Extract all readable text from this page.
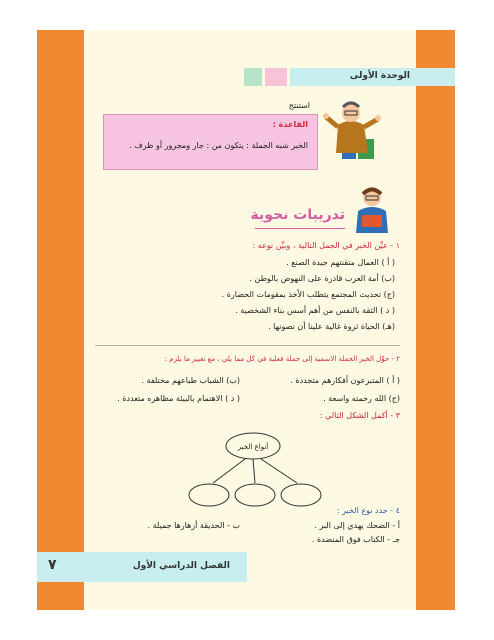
الوحدة الأولى
استنتج
القاعدة :
الخبر شبه الجملة : يتكون من : جار ومجرور أو ظرف .
تدريبات نحوية
١ - عيِّن الخبر في الجمل التالية ، وبيِّن نوعه :
( أ ) العمال متقنتهم جيدة الصنع .
(ب) أمة العرب قادرة على النهوض بالوطن .
(ج) تحديث المجتمع يتطلب الأخذ بمقومات الحضارة .
( د ) الثقة بالنفس من أهم أسس بناء الشخصية .
(هـ) الحياة ثروة غالية علينا أن نصونها .
٢ - حوِّل الخبر الجملة الاسمية إلى جملة فعلية في كل مما يلي ، مع تغيير ما يلزم :
( أ ) المتبرعون أفكارهم متجددة .
(ب) الشباب طباعهم مختلفة .
(ج) الله رحمته واسعة .
( د ) الاهتمام بالبيئة مظاهره متعددة .
٣ - أكمل الشكل التالي :
أنواع الخبر
٤ - حدد نوع الخبر :
أ - الضحك يهدي إلى البر .
ب - الحديقة أزهارها جميلة .
جـ - الكتاب فوق المنضدة .
الفصل الدراسي الأول
٧
